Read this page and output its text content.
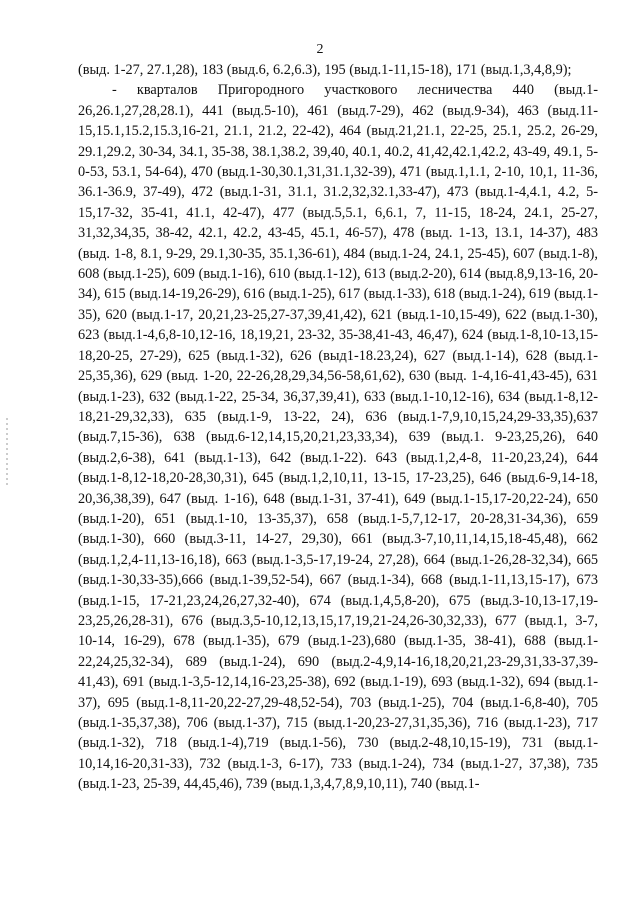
2

(выд. 1-27, 27.1,28), 183 (выд.6, 6.2,6.3), 195 (выд.1-11,15-18), 171 (выд.1,3,4,8,9);

- кварталов Пригородного участкового лесничества 440 (выд.1-26,26.1,27,28,28.1), 441 (выд.5-10), 461 (выд.7-29), 462 (выд.9-34), 463 (выд.11-15,15.1,15.2,15.3,16-21, 21.1, 21.2, 22-42), 464 (выд.21,21.1, 22-25, 25.1, 25.2, 26-29, 29.1,29.2, 30-34, 34.1, 35-38, 38.1,38.2, 39,40, 40.1, 40.2, 41,42,42.1,42.2, 43-49, 49.1, 5-0-53, 53.1, 54-64), 470 (выд.1-30,30.1,31,31.1,32-39), 471 (выд.1,1.1, 2-10, 10,1, 11-36, 36.1-36.9, 37-49), 472 (выд.1-31, 31.1, 31.2,32,32.1,33-47), 473 (выд.1-4,4.1, 4.2, 5-15,17-32, 35-41, 41.1, 42-47), 477 (выд.5,5.1, 6,6.1, 7, 11-15, 18-24, 24.1, 25-27, 31,32,34,35, 38-42, 42.1, 42.2, 43-45, 45.1, 46-57), 478 (выд. 1-13, 13.1, 14-37), 483 (выд. 1-8, 8.1, 9-29, 29.1,30-35, 35.1,36-61), 484 (выд.1-24, 24.1, 25-45), 607 (выд.1-8), 608 (выд.1-25), 609 (выд.1-16), 610 (выд.1-12), 613 (выд.2-20), 614 (выд.8,9,13-16, 20-34), 615 (выд.14-19,26-29), 616 (выд.1-25), 617 (выд.1-33), 618 (выд.1-24), 619 (выд.1-35), 620 (выд.1-17, 20,21,23-25,27-37,39,41,42), 621 (выд.1-10,15-49), 622 (выд.1-30), 623 (выд.1-4,6,8-10,12-16, 18,19,21, 23-32, 35-38,41-43, 46,47), 624 (выд.1-8,10-13,15-18,20-25, 27-29), 625 (выд.1-32), 626 (выд1-18.23,24), 627 (выд.1-14), 628 (выд.1-25,35,36), 629 (выд. 1-20, 22-26,28,29,34,56-58,61,62), 630 (выд. 1-4,16-41,43-45), 631 (выд.1-23), 632 (выд.1-22, 25-34, 36,37,39,41), 633 (выд.1-10,12-16), 634 (выд.1-8,12-18,21-29,32,33), 635 (выд.1-9, 13-22, 24), 636 (выд.1-7,9,10,15,24,29-33,35),637 (выд.7,15-36), 638 (выд.6-12,14,15,20,21,23,33,34), 639 (выд.1. 9-23,25,26), 640 (выд.2,6-38), 641 (выд.1-13), 642 (выд.1-22). 643 (выд.1,2,4-8, 11-20,23,24), 644 (выд.1-8,12-18,20-28,30,31), 645 (выд.1,2,10,11, 13-15, 17-23,25), 646 (выд.6-9,14-18, 20,36,38,39), 647 (выд. 1-16), 648 (выд.1-31, 37-41), 649 (выд.1-15,17-20,22-24), 650 (выд.1-20), 651 (выд.1-10, 13-35,37), 658 (выд.1-5,7,12-17, 20-28,31-34,36), 659 (выд.1-30), 660 (выд.3-11, 14-27, 29,30), 661 (выд.3-7,10,11,14,15,18-45,48), 662 (выд.1,2,4-11,13-16,18), 663 (выд.1-3,5-17,19-24, 27,28), 664 (выд.1-26,28-32,34), 665 (выд.1-30,33-35),666 (выд.1-39,52-54), 667 (выд.1-34), 668 (выд.1-11,13,15-17), 673 (выд.1-15, 17-21,23,24,26,27,32-40), 674 (выд.1,4,5,8-20), 675 (выд.3-10,13-17,19-23,25,26,28-31), 676 (выд.3,5-10,12,13,15,17,19,21-24,26-30,32,33), 677 (выд.1, 3-7, 10-14, 16-29), 678 (выд.1-35), 679 (выд.1-23),680 (выд.1-35, 38-41), 688 (выд.1-22,24,25,32-34), 689 (выд.1-24), 690 (выд.2-4,9,14-16,18,20,21,23-29,31,33-37,39-41,43), 691 (выд.1-3,5-12,14,16-23,25-38), 692 (выд.1-19), 693 (выд.1-32), 694 (выд.1-37), 695 (выд.1-8,11-20,22-27,29-48,52-54), 703 (выд.1-25), 704 (выд.1-6,8-40), 705 (выд.1-35,37,38), 706 (выд.1-37), 715 (выд.1-20,23-27,31,35,36), 716 (выд.1-23), 717 (выд.1-32), 718 (выд.1-4),719 (выд.1-56), 730 (выд.2-48,10,15-19), 731 (выд.1-10,14,16-20,31-33), 732 (выд.1-3, 6-17), 733 (выд.1-24), 734 (выд.1-27, 37,38), 735 (выд.1-23, 25-39, 44,45,46), 739 (выд.1,3,4,7,8,9,10,11), 740 (выд.1-
